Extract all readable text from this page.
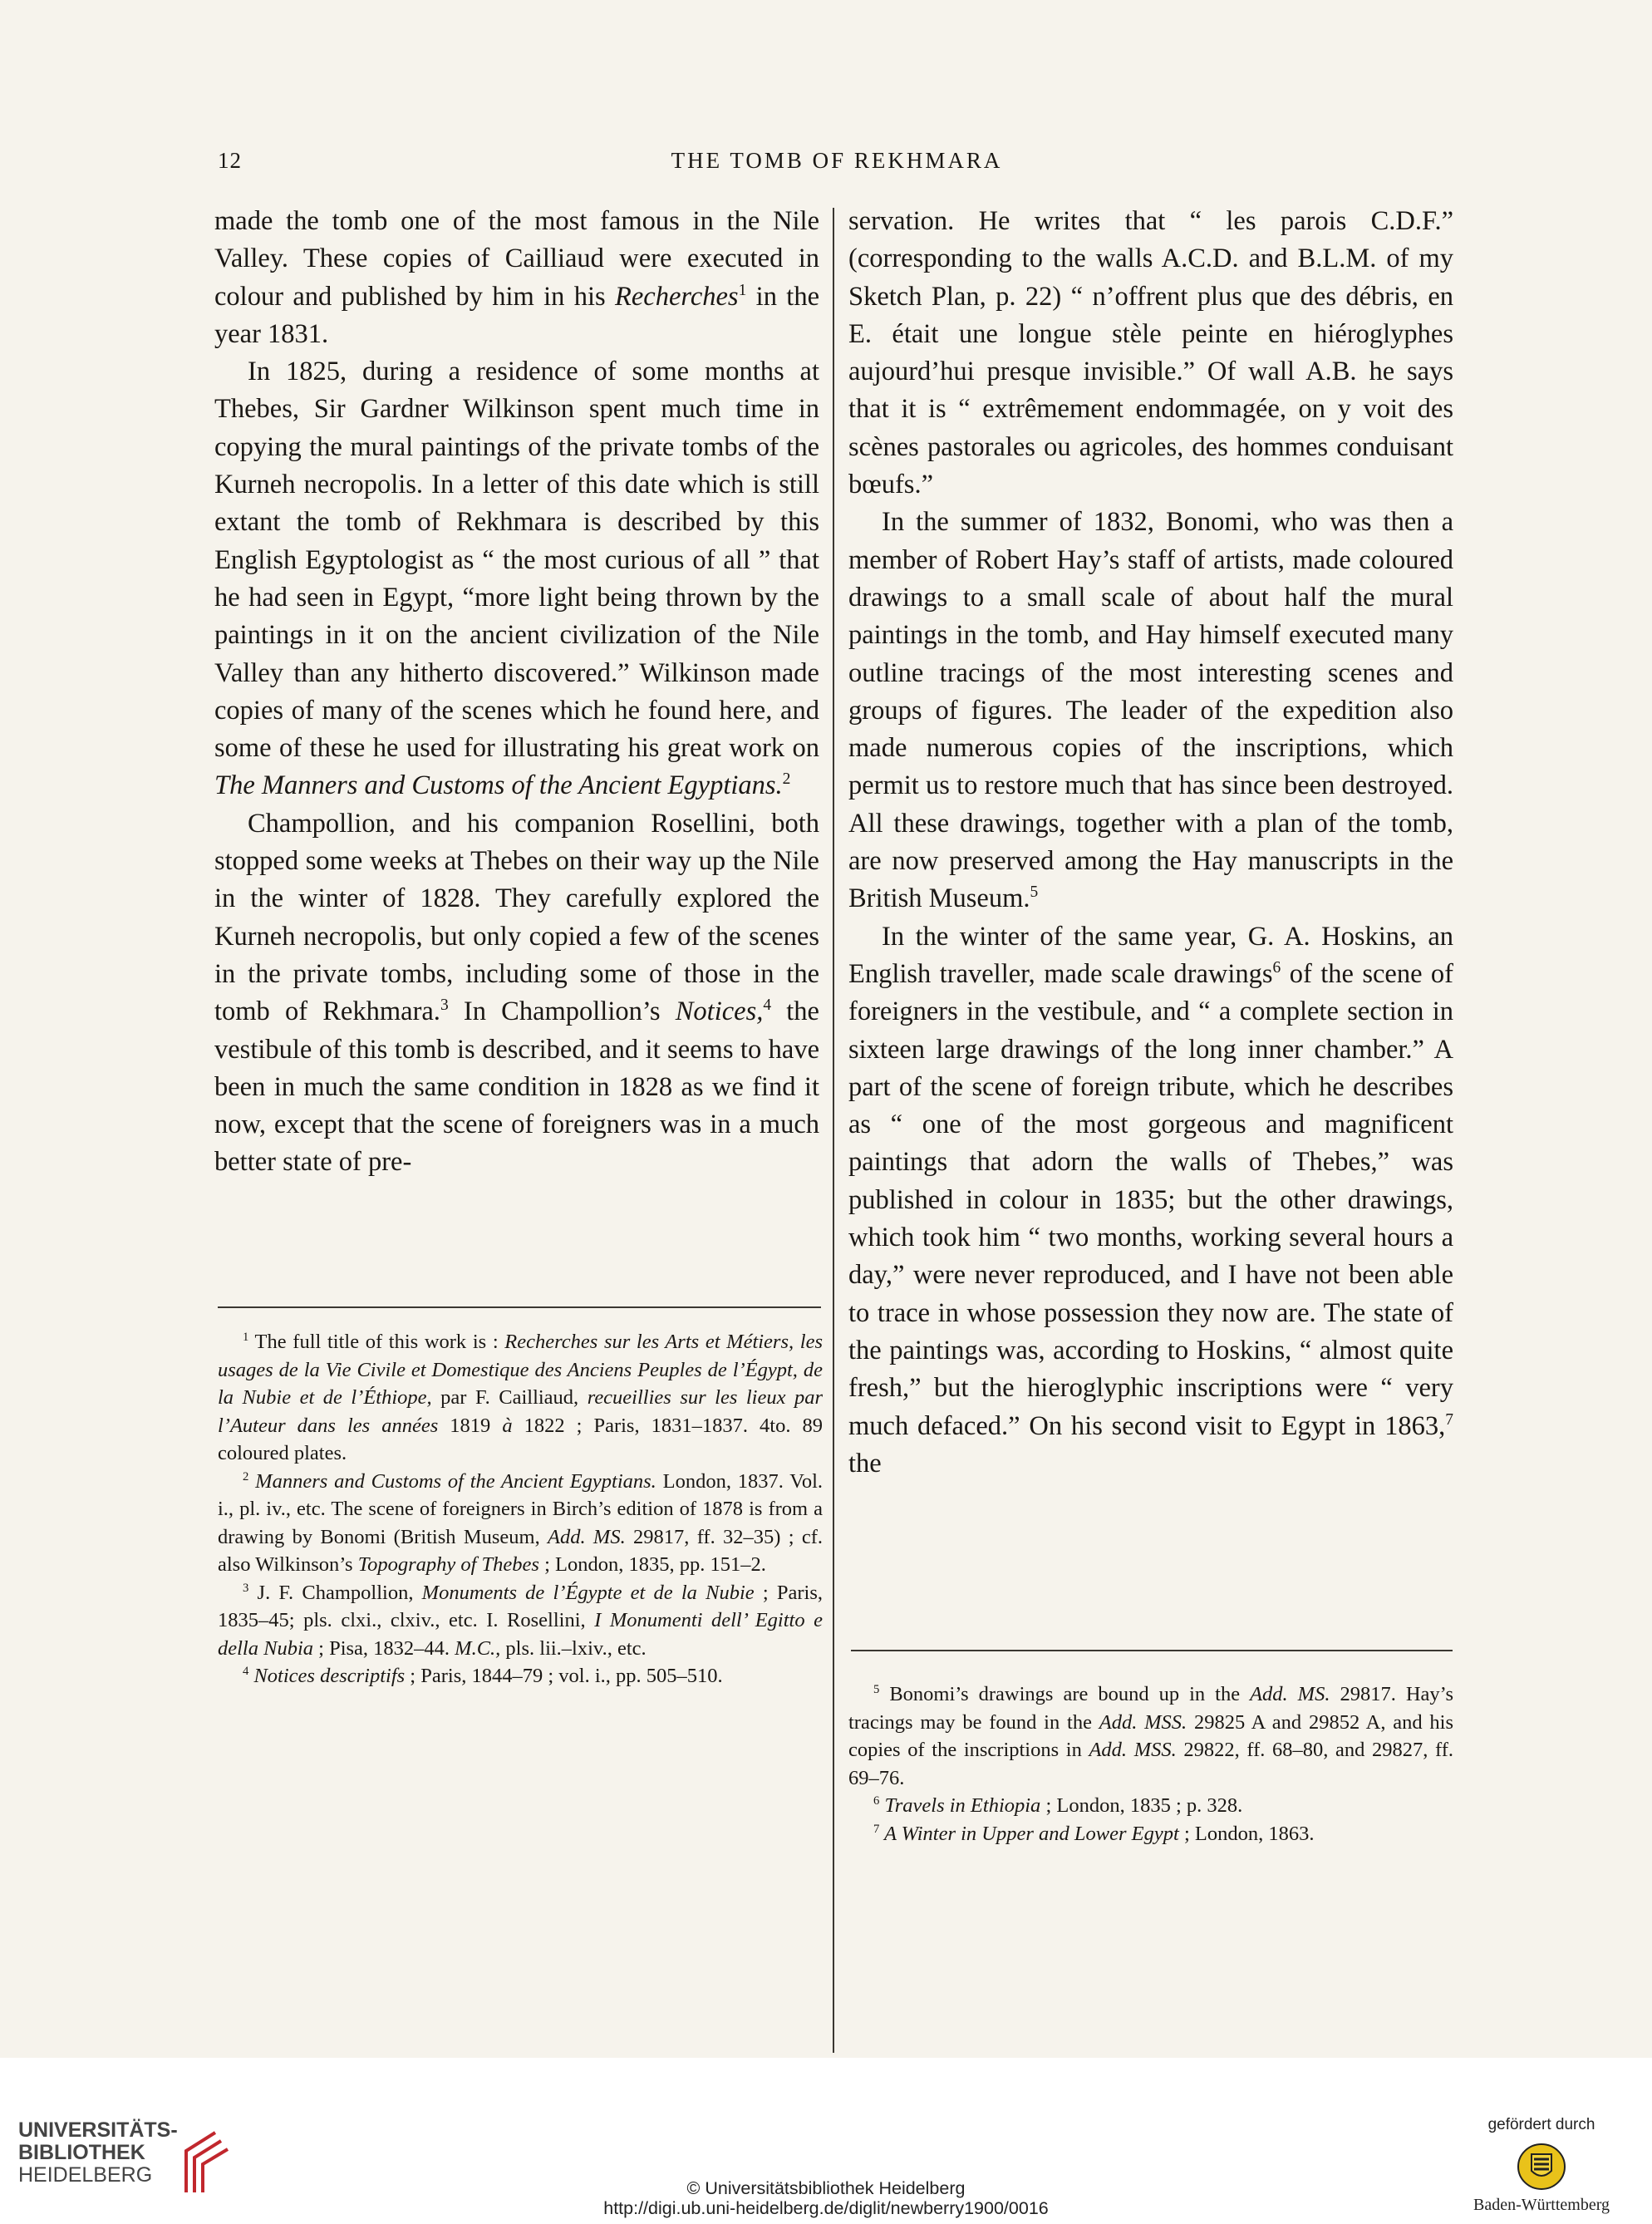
12	THE TOMB OF REKHMARA

made the tomb one of the most famous in the Nile Valley. These copies of Cailliaud were executed in colour and published by him in his Recherches$^1$ in the year 1831.

In 1825, during a residence of some months at Thebes, Sir Gardner Wilkinson spent much time in copying the mural paintings of the private tombs of the Kurneh necropolis. In a letter of this date which is still extant the tomb of Rekhmara is described by this English Egyptologist as “ the most curious of all ” that he had seen in Egypt, “more light being thrown by the paintings in it on the ancient civilization of the Nile Valley than any hitherto discovered.” Wilkinson made copies of many of the scenes which he found here, and some of these he used for illustrating his great work on The Manners and Customs of the Ancient Egyptians.$^2$

Champollion, and his companion Rosellini, both stopped some weeks at Thebes on their way up the Nile in the winter of 1828. They carefully explored the Kurneh necropolis, but only copied a few of the scenes in the private tombs, including some of those in the tomb of Rekhmara.$^3$ In Champollion’s Notices,$^4$ the vestibule of this tomb is described, and it seems to have been in much the same condition in 1828 as we find it now, except that the scene of foreigners was in a much better state of pre-

servation. He writes that “ les parois C.D.F.” (corresponding to the walls A.C.D. and B.L.M. of my Sketch Plan, p. 22) “ n’offrent plus que des débris, en E. était une longue stèle peinte en hiéroglyphes aujourd’hui presque invisible.” Of wall A.B. he says that it is “ extrêmement endommagée, on y voit des scènes pastorales ou agricoles, des hommes conduisant bœufs.”

In the summer of 1832, Bonomi, who was then a member of Robert Hay’s staff of artists, made coloured drawings to a small scale of about half the mural paintings in the tomb, and Hay himself executed many outline tracings of the most interesting scenes and groups of figures. The leader of the expedition also made numerous copies of the inscriptions, which permit us to restore much that has since been destroyed. All these drawings, together with a plan of the tomb, are now preserved among the Hay manuscripts in the British Museum.$^5$

In the winter of the same year, G. A. Hoskins, an English traveller, made scale drawings$^6$ of the scene of foreigners in the vestibule, and “ a complete section in sixteen large drawings of the long inner chamber.” A part of the scene of foreign tribute, which he describes as “ one of the most gorgeous and magnificent paintings that adorn the walls of Thebes,” was published in colour in 1835; but the other drawings, which took him “ two months, working several hours a day,” were never reproduced, and I have not been able to trace in whose possession they now are. The state of the paintings was, according to Hoskins, “ almost quite fresh,” but the hieroglyphic inscriptions were “ very much defaced.” On his second visit to Egypt in 1863,$^7$ the

$^1$ The full title of this work is : Recherches sur les Arts et Métiers, les usages de la Vie Civile et Domestique des Anciens Peuples de l’Égypt, de la Nubie et de l’Éthiope, par F. Cailliaud, recueillies sur les lieux par l’Auteur dans les années 1819 à 1822 ; Paris, 1831–1837. 4to. 89 coloured plates.

$^2$ Manners and Customs of the Ancient Egyptians. London, 1837. Vol. i., pl. iv., etc. The scene of foreigners in Birch’s edition of 1878 is from a drawing by Bonomi (British Museum, Add. MS. 29817, ff. 32–35) ; cf. also Wilkinson’s Topography of Thebes ; London, 1835, pp. 151–2.

$^3$ J. F. Champollion, Monuments de l’Égypte et de la Nubie ; Paris, 1835–45; pls. clxi., clxiv., etc. I. Rosellini, I Monumenti dell’ Egitto e della Nubia ; Pisa, 1832–44. M.C., pls. lii.–lxiv., etc.

$^4$ Notices descriptifs ; Paris, 1844–79 ; vol. i., pp. 505–510.

$^5$ Bonomi’s drawings are bound up in the Add. MS. 29817. Hay’s tracings may be found in the Add. MSS. 29825 A and 29852 A, and his copies of the inscriptions in Add. MSS. 29822, ff. 68–80, and 29827, ff. 69–76.

$^6$ Travels in Ethiopia ; London, 1835 ; p. 328.

$^7$ A Winter in Upper and Lower Egypt ; London, 1863.

UNIVERSITÄTS-
BIBLIOTHEK
HEIDELBERG
© Universitätsbibliothek Heidelberg
http://digi.ub.uni-heidelberg.de/diglit/newberry1900/0016
gefördert durch
Baden-Württemberg
